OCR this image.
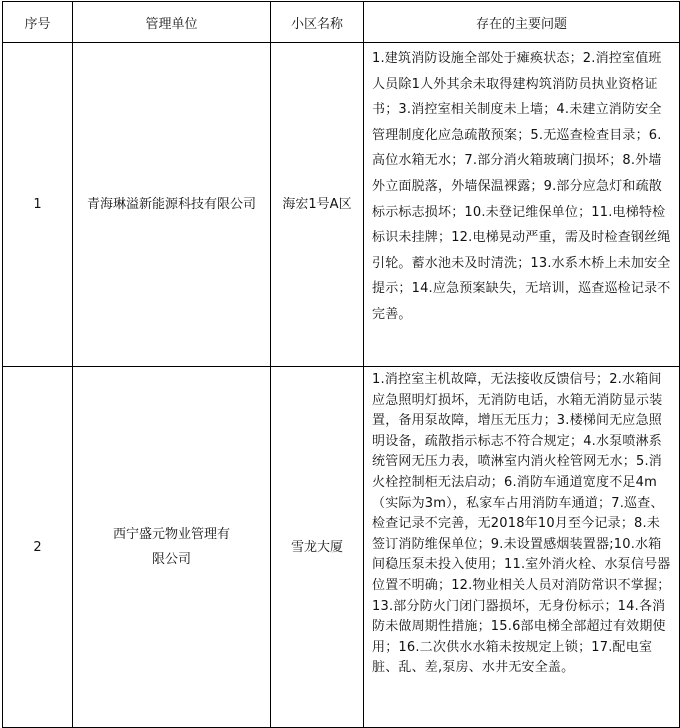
序号	管理单位	小区名称	存在的主要问题
1	青海琳溢新能源科技有限公司	海宏1号A区	1.建筑消防设施全部处于瘫痪状态；2.消控室值班人员除1人外其余未取得建构筑消防员执业资格证书；3.消控室相关制度未上墙；4.未建立消防安全管理制度化应急疏散预案；5.无巡查检查目录；6.高位水箱无水；7.部分消火箱玻璃门损坏；8.外墙外立面脱落，外墙保温裸露；9.部分应急灯和疏散标示标志损坏；10.未登记维保单位；11.电梯特检标识未挂牌；12.电梯晃动严重，需及时检查钢丝绳引轮。蓄水池未及时清洗；13.水系木桥上未加安全提示；14.应急预案缺失，无培训，巡查巡检记录不完善。
2	西宁盛元物业管理有限公司	雪龙大厦	1.消控室主机故障，无法接收反馈信号；2.水箱间应急照明灯损坏，无消防电话，水箱无消防显示装置，备用泵故障，增压无压力；3.楼梯间无应急照明设备，疏散指示标志不符合规定；4.水泵喷淋系统管网无压力表，喷淋室内消火栓管网无水；5.消火栓控制柜无法启动；6.消防车通道宽度不足4m（实际为3m），私家车占用消防车通道；7.巡查、检查记录不完善，无2018年10月至今记录；8.未签订消防维保单位；9.未设置感烟装置器;10.水箱间稳压泵未投入使用；11.室外消火栓、水泵信号器位置不明确；12.物业相关人员对消防常识不掌握；13.部分防火门闭门器损坏，无身份标示；14.各消防未做周期性措施；15.6部电梯全部超过有效期使用；16.二次供水水箱未按规定上锁；17.配电室脏、乱、差,泵房、水井无安全盖。
